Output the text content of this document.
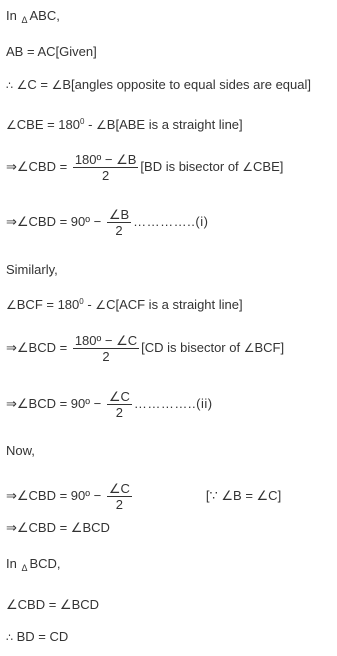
In $_\Delta$ ABC,
AB = AC[Given]
∴ ∠C = ∠B[angles opposite to equal sides are equal]
∠CBE = $180^0$ - ∠B[ABE is a straight line]
⇒∠CBD = $\frac{\text{180º − ∠B}}{2} [BD$ is bisector of ∠CBE]
⇒∠CBD = 90º − $\frac{\angle B}{2}$ …………..(i)
Similarly,
∠BCF = $180^0$ - ∠C[ACF is a straight line]
⇒∠BCD = $\frac{\text{180º − ∠C}}{2} [CD$ is bisector of ∠BCF]
⇒∠BCD = 90º − $\frac{\angle C}{2}$ …………..(ii)
Now,
⇒∠CBD = 90º − $\frac{\angle C}{2}$	[∵ ∠B = ∠C]
⇒∠CBD = ∠BCD
In $_\Delta$ BCD,
∠CBD = ∠BCD
∴ BD = CD
